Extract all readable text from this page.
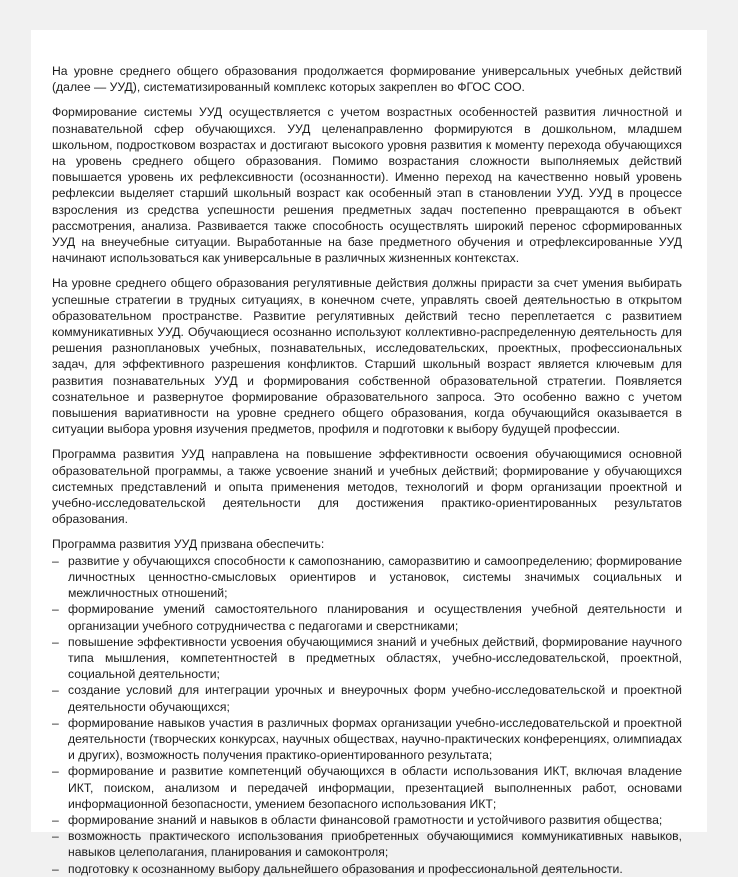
На уровне среднего общего образования продолжается формирование универсальных учебных действий (далее — УУД), систематизированный комплекс которых закреплен во ФГОС СОО.

Формирование системы УУД осуществляется с учетом возрастных особенностей развития личностной и познавательной сфер обучающихся. УУД целенаправленно формируются в дошкольном, младшем школьном, подростковом возрастах и достигают высокого уровня развития к моменту перехода обучающихся на уровень среднего общего образования. Помимо возрастания сложности выполняемых действий повышается уровень их рефлексивности (осознанности). Именно переход на качественно новый уровень рефлексии выделяет старший школьный возраст как особенный этап в становлении УУД. УУД в процессе взросления из средства успешности решения предметных задач постепенно превращаются в объект рассмотрения, анализа. Развивается также способность осуществлять широкий перенос сформированных УУД на внеучебные ситуации. Выработанные на базе предметного обучения и отрефлексированные УУД начинают использоваться как универсальные в различных жизненных контекстах.

На уровне среднего общего образования регулятивные действия должны прирасти за счет умения выбирать успешные стратегии в трудных ситуациях, в конечном счете, управлять своей деятельностью в открытом образовательном пространстве. Развитие регулятивных действий тесно переплетается с развитием коммуникативных УУД. Обучающиеся осознанно используют коллективно-распределенную деятельность для решения разноплановых учебных, познавательных, исследовательских, проектных, профессиональных задач, для эффективного разрешения конфликтов. Старший школьный возраст является ключевым для развития познавательных УУД и формирования собственной образовательной стратегии. Появляется сознательное и развернутое формирование образовательного запроса. Это особенно важно с учетом повышения вариативности на уровне среднего общего образования, когда обучающийся оказывается в ситуации выбора уровня изучения предметов, профиля и подготовки к выбору будущей профессии.

Программа развития УУД направлена на повышение эффективности освоения обучающимися основной образовательной программы, а также усвоение знаний и учебных действий; формирование у обучающихся системных представлений и опыта применения методов, технологий и форм организации проектной и учебно-исследовательской деятельности для достижения практико-ориентированных результатов образования.

Программа развития УУД призвана обеспечить:

– развитие у обучающихся способности к самопознанию, саморазвитию и самоопределению; формирование личностных ценностно-смысловых ориентиров и установок, системы значимых социальных и межличностных отношений;
– формирование умений самостоятельного планирования и осуществления учебной деятельности и организации учебного сотрудничества с педагогами и сверстниками;
– повышение эффективности усвоения обучающимися знаний и учебных действий, формирование научного типа мышления, компетентностей в предметных областях, учебно-исследовательской, проектной, социальной деятельности;
– создание условий для интеграции урочных и внеурочных форм учебно-исследовательской и проектной деятельности обучающихся;
– формирование навыков участия в различных формах организации учебно-исследовательской и проектной деятельности (творческих конкурсах, научных обществах, научно-практических конференциях, олимпиадах и других), возможность получения практико-ориентированного результата;
– формирование и развитие компетенций обучающихся в области использования ИКТ, включая владение ИКТ, поиском, анализом и передачей информации, презентацией выполненных работ, основами информационной безопасности, умением безопасного использования ИКТ;
– формирование знаний и навыков в области финансовой грамотности и устойчивого развития общества;
– возможность практического использования приобретенных обучающимися коммуникативных навыков, навыков целеполагания, планирования и самоконтроля;
– подготовку к осознанному выбору дальнейшего образования и профессиональной деятельности.
